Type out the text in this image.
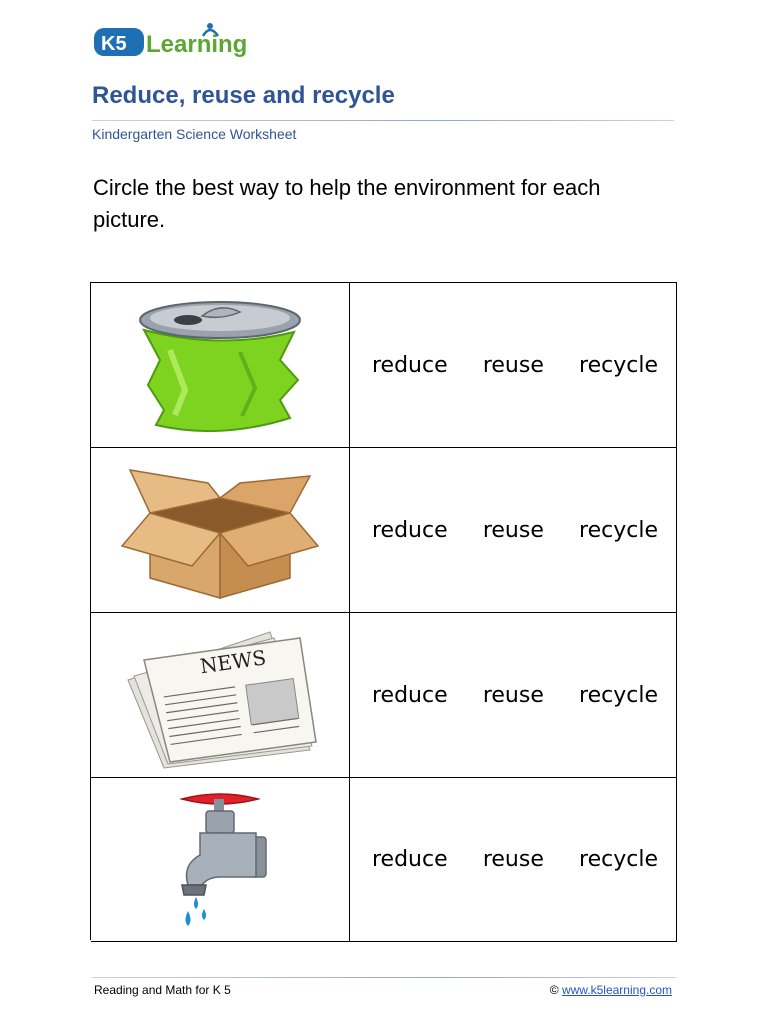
K5 Learning
Reduce, reuse and recycle
Kindergarten Science Worksheet
Circle the best way to help the environment for each picture.
reduce reuse recycle
reduce reuse recycle
NEWS
reduce reuse recycle
reduce reuse recycle
Reading and Math for K 5	© www.k5learning.com
